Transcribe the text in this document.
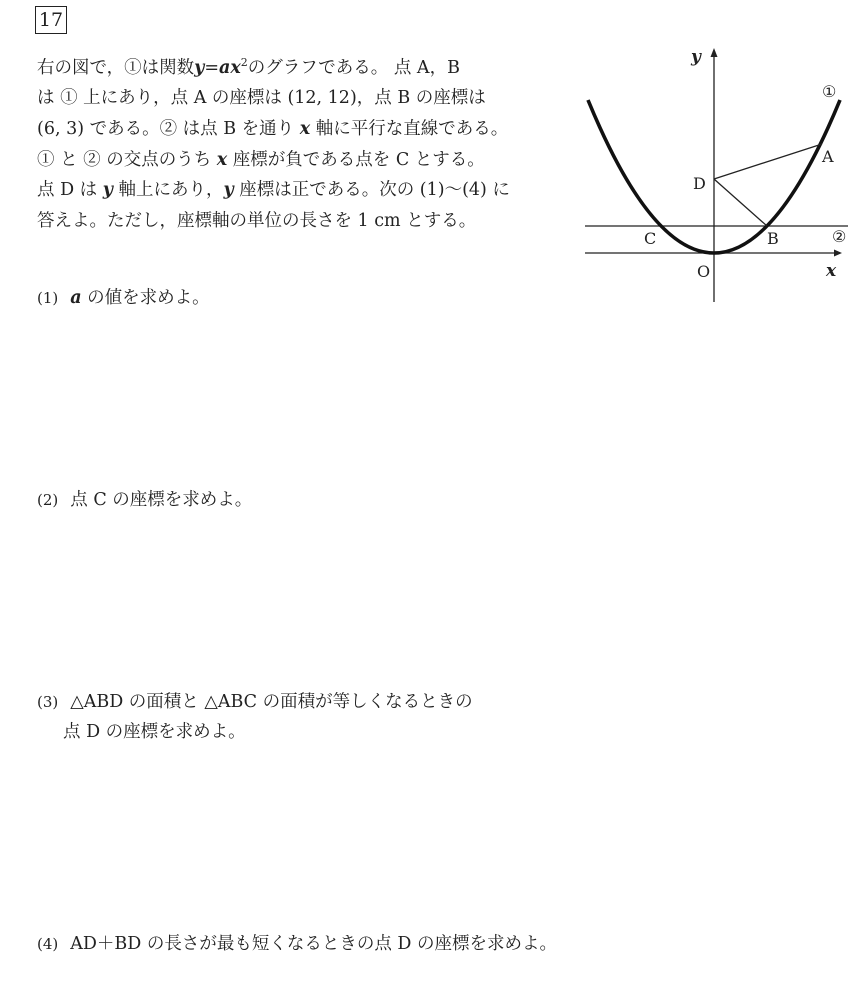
17

右の図で，①は関数$y=ax^2$のグラフである。 点 A，B

は ① 上にあり，点 A の座標は (12, 12)，点 B の座標は

(6, 3) である。② は点 B を通り x 軸に平行な直線である。

① と ② の交点のうち x 座標が負である点を C とする。

点 D は y 軸上にあり，y 座標は正である。次の (1)〜(4) に

答えよ。ただし，座標軸の単位の長さを 1 cm とする。

(1) a の値を求めよ。
(2) 点 C の座標を求めよ。
(3) △ABD の面積と △ABC の面積が等しくなるときの
点 D の座標を求めよ。
(4) AD＋BD の長さが最も短くなるときの点 D の座標を求めよ。
y
x
O
①
②
A
B
C
D
